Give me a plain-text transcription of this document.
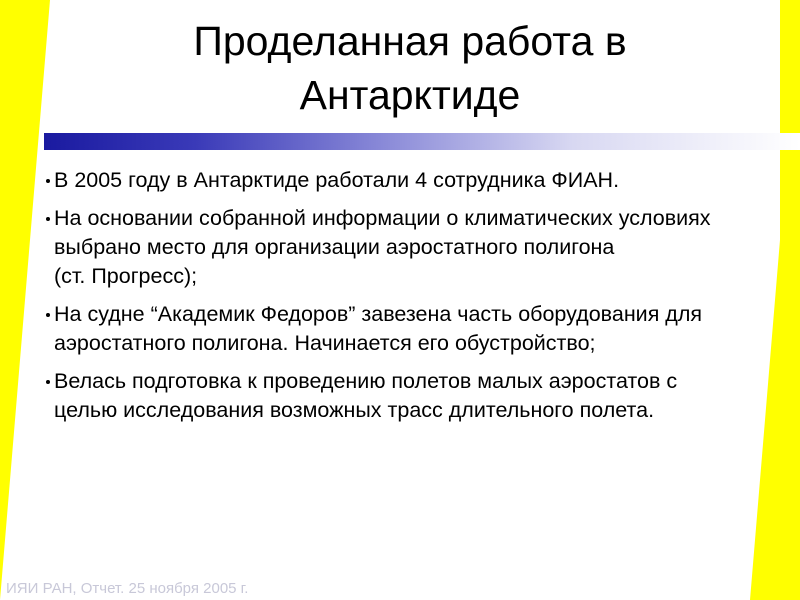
Проделанная работа в Антарктиде
В 2005 году в Антарктиде работали 4 сотрудника ФИАН.
На основании собранной информации о климатических условиях выбрано место для организации аэростатного полигона
(ст. Прогресс);
На судне “Академик Федоров” завезена часть оборудования для аэростатного полигона. Начинается его обустройство;
Велась подготовка к проведению полетов малых аэростатов с целью исследования возможных трасс длительного полета.
ИЯИ РАН, Отчет. 25 ноября 2005 г.
